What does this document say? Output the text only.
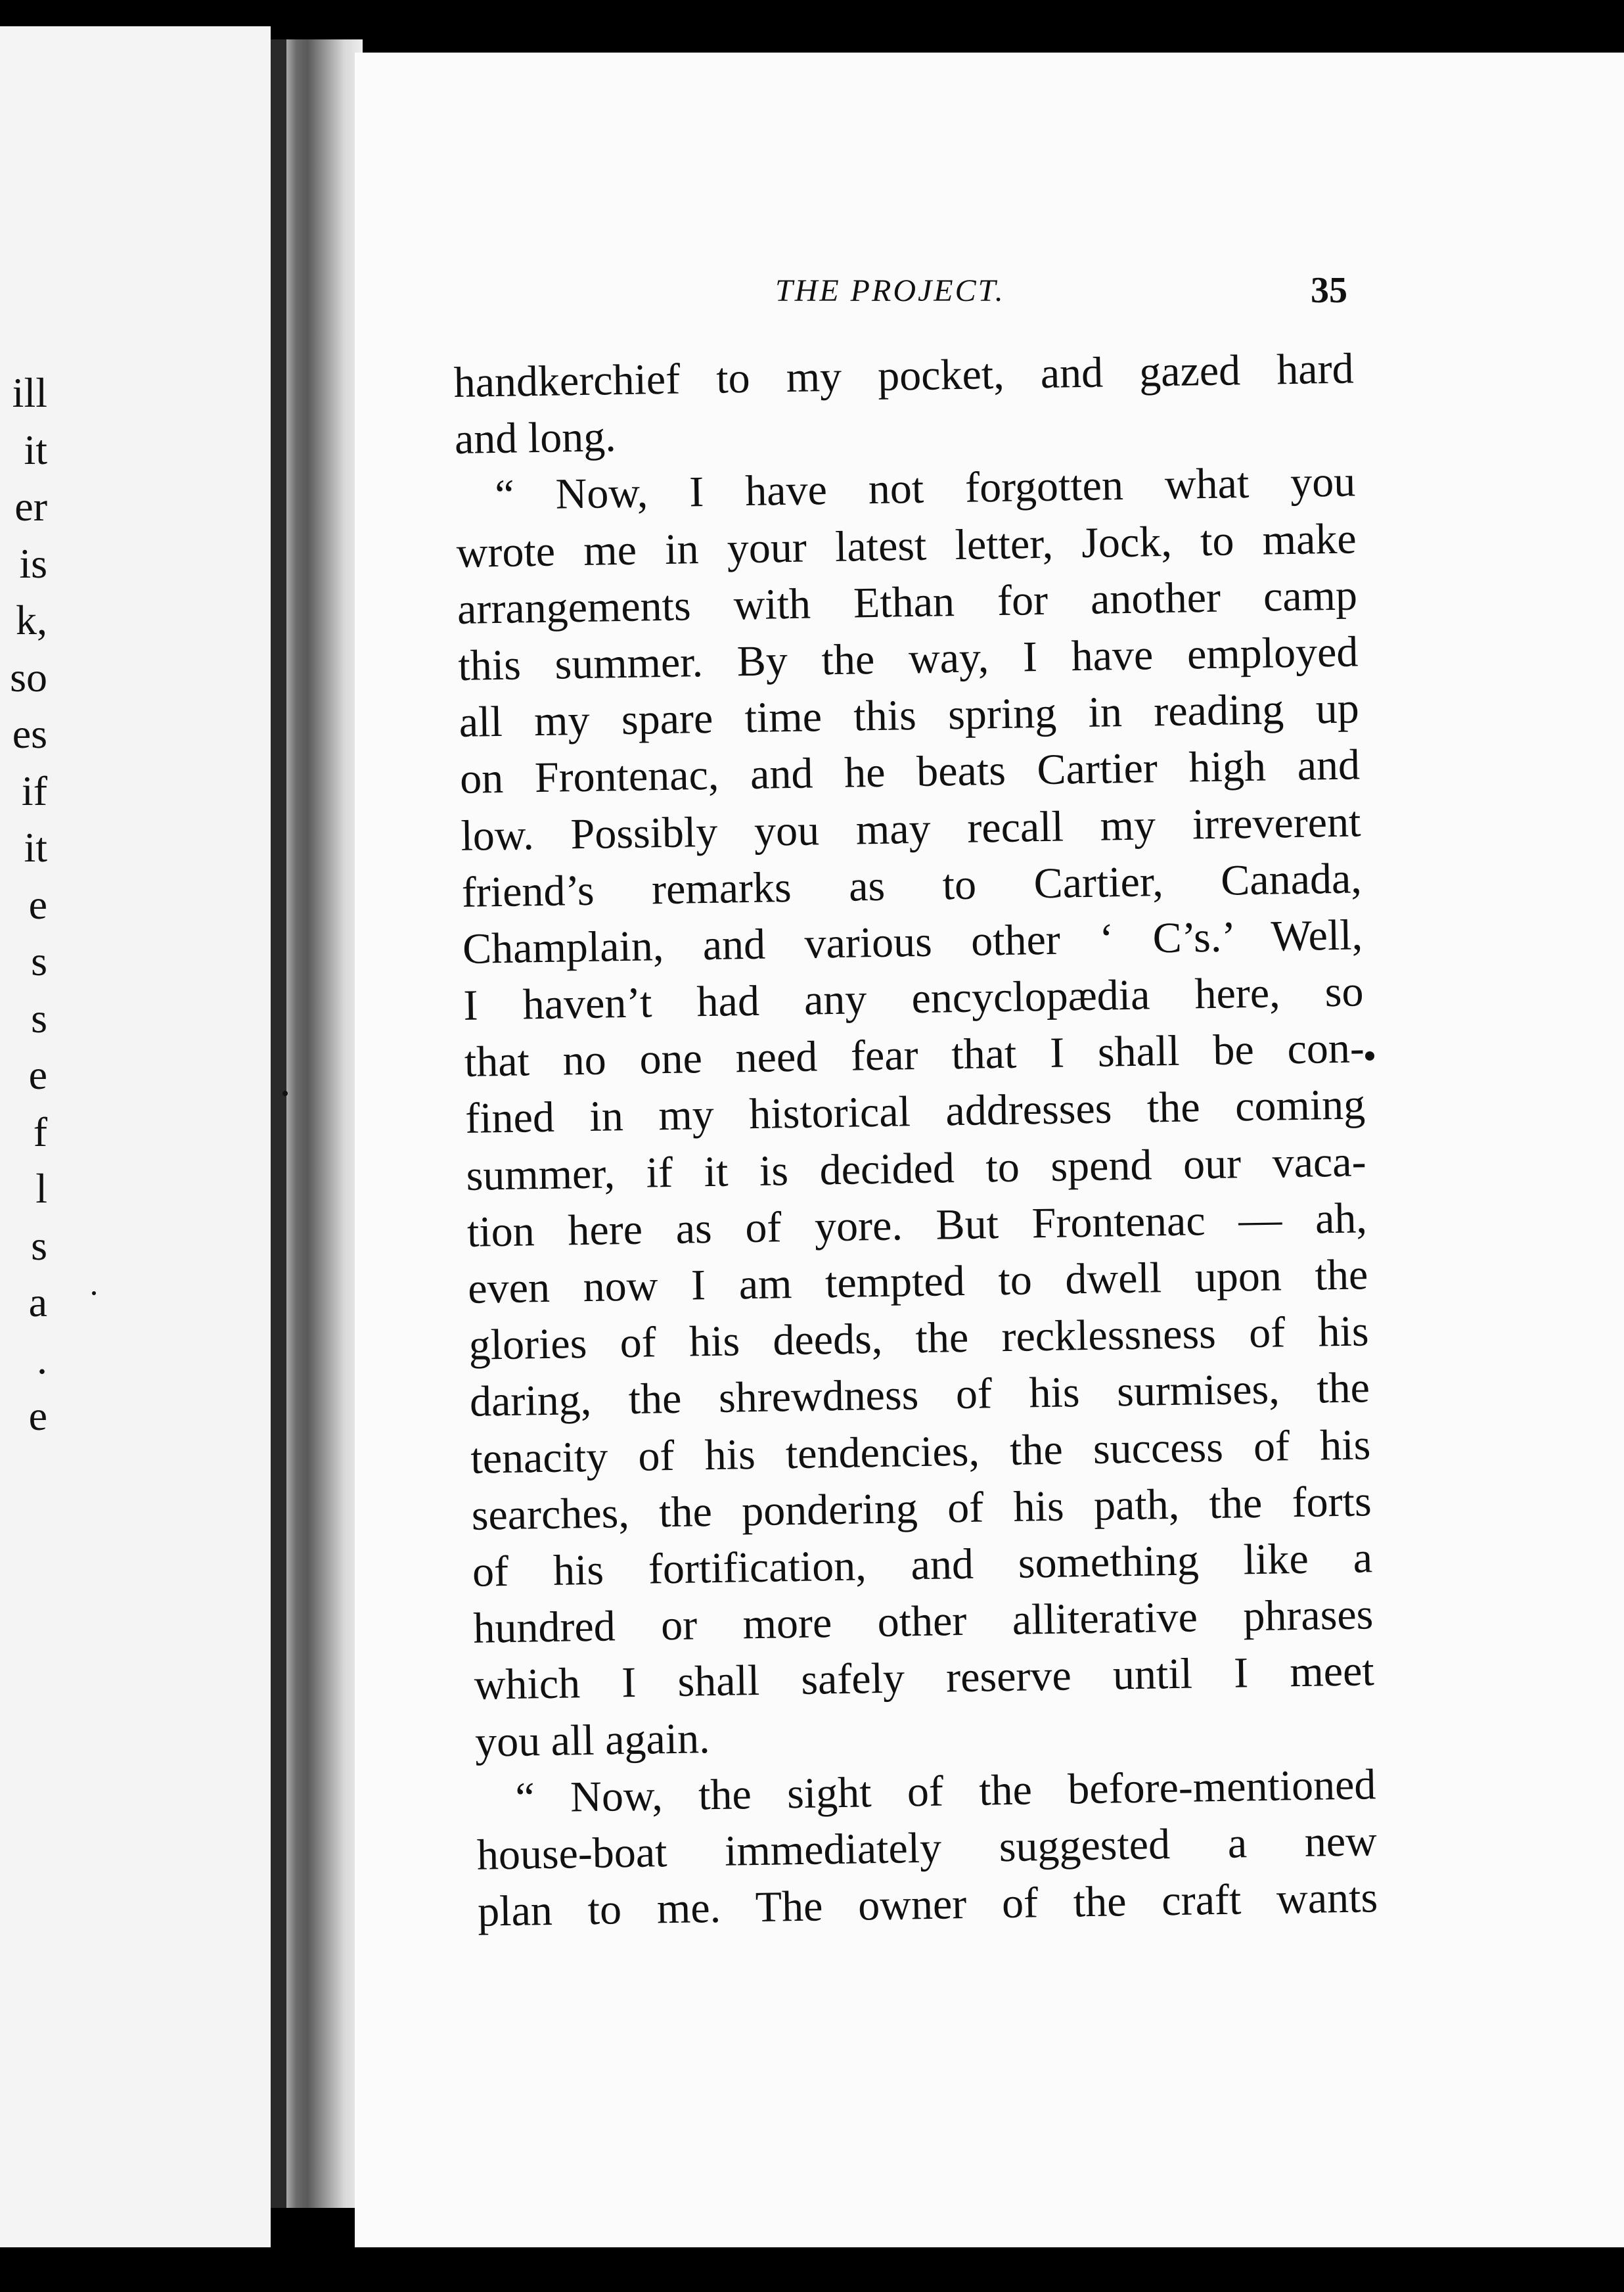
ill
it
er
is
k,
so
es
if
it
e
s
s
e
f
l
s
a
.
e
THE PROJECT.	35
handkerchief to my pocket, and gazed hard
and long.
“ Now, I have not forgotten what you
wrote me in your latest letter, Jock, to make
arrangements with Ethan for another camp
this summer. By the way, I have employed
all my spare time this spring in reading up
on Frontenac, and he beats Cartier high and
low. Possibly you may recall my irreverent
friend’s remarks as to Cartier, Canada,
Champlain, and various other ‘ C’s.’ Well,
I haven’t had any encyclopædia here, so
that no one need fear that I shall be con-
fined in my historical addresses the coming
summer, if it is decided to spend our vaca-
tion here as of yore. But Frontenac — ah,
even now I am tempted to dwell upon the
glories of his deeds, the recklessness of his
daring, the shrewdness of his surmises, the
tenacity of his tendencies, the success of his
searches, the pondering of his path, the forts
of his fortification, and something like a
hundred or more other alliterative phrases
which I shall safely reserve until I meet
you all again.
“ Now, the sight of the before-mentioned
house-boat immediately suggested a new
plan to me. The owner of the craft wants
